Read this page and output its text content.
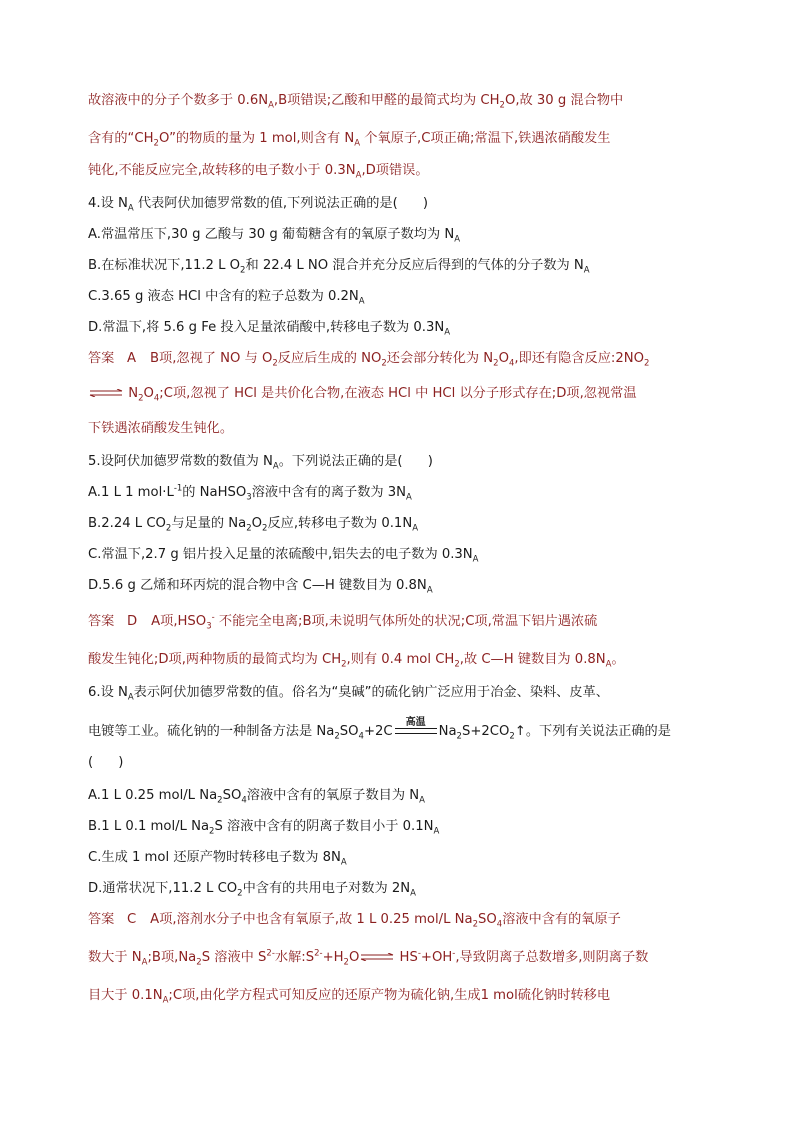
故溶液中的分子个数多于 $0.6N_A,B$项错误;乙酸和甲醛的最简式均为 $CH_2O$,故 30 g 混合物中
含有的“$CH_2O$”的物质的量为 1 mol,则含有 $N_A$ 个氧原子,C项正确;常温下,铁遇浓硝酸发生
钝化,不能反应完全,故转移的电子数小于 $0.3N_A,D$项错误。
4.设 $N_A$ 代表阿伏加德罗常数的值,下列说法正确的是(      )
A.常温常压下,30 g 乙酸与 30 g 葡萄糖含有的氧原子数均为 $N_A$
B.在标准状况下,11.2 L $O_2$和 22.4 L NO 混合并充分反应后得到的气体的分子数为 $N_A$
C.3.65 g 液态 HCl 中含有的粒子总数为 $0.2N_A$
D.常温下,将 5.6 g Fe 投入足量浓硝酸中,转移电子数为 $0.3N_A$
答案   A B项,忽视了 NO 与 $O_2$反应后生成的 $NO_2$还会部分转化为 $N_2O_4$,即还有隐含反应$:2NO_2$
$N_2O_4;C$项,忽视了 HCl 是共价化合物,在液态 HCl 中 HCl 以分子形式存在;D项,忽视常温
下铁遇浓硝酸发生钝化。
5.设阿伏加德罗常数的数值为 $N_A$。下列说法正确的是(      )
A.1 L 1 $mol\cdot L^{-1}$的 NaHSO$_3$溶液中含有的离子数为 $3N_A$
B.2.24 L $CO_2$与足量的 $Na_2O_2$反应,转移电子数为 $0.1N_A$
C.常温下,2.7 g 铝片投入足量的浓硫酸中,铝失去的电子数为 $0.3N_A$
D.5.6 g 乙烯和环丙烷的混合物中含 C—H 键数目为 $0.8N_A$
答案   D A项$,HSO_3^-$ 不能完全电离;B项,未说明气体所处的状况;C项,常温下铝片遇浓硫
酸发生钝化;D项,两种物质的最简式均为 $CH_2$,则有 0.4 mol $CH_2$,故 C—H 键数目为 $0.8N_A$。
6.设 $N_A$表示阿伏加德罗常数的值。俗名为“臭碱”的硫化钠广泛应用于冶金、染料、皮革、
电镀等工业。硫化钠的一种制备方法是 $Na_2SO_4+2C$
高温
$Na_2S+2CO_2↑$。下列有关说法正确的是
(      )
A.1 L 0.25 mol/L $Na_2SO_4$溶液中含有的氧原子数目为 $N_A$
B.1 L 0.1 mol/L $Na_2S$ 溶液中含有的阴离子数目小于 $0.1N_A$
C.生成 1 mol 还原产物时转移电子数为 $8N_A$
D.通常状况下,11.2 L $CO_2$中含有的共用电子对数为 $2N_A$
答案   C A项,溶剂水分子中也含有氧原子,故 1 L 0.25 mol/L $Na_2SO_4$溶液中含有的氧原子
数大于 $N_A;B$项$,Na_2S$ 溶液中 $S^{2-}$水解$:S^{2-}+H_2O$	HS-+OH-,导致阴离子总数增多,则阴离子数
目大于 $0.1N_A;C$项,由化学方程式可知反应的还原产物为硫化钠,生成1 mol硫化钠时转移电
